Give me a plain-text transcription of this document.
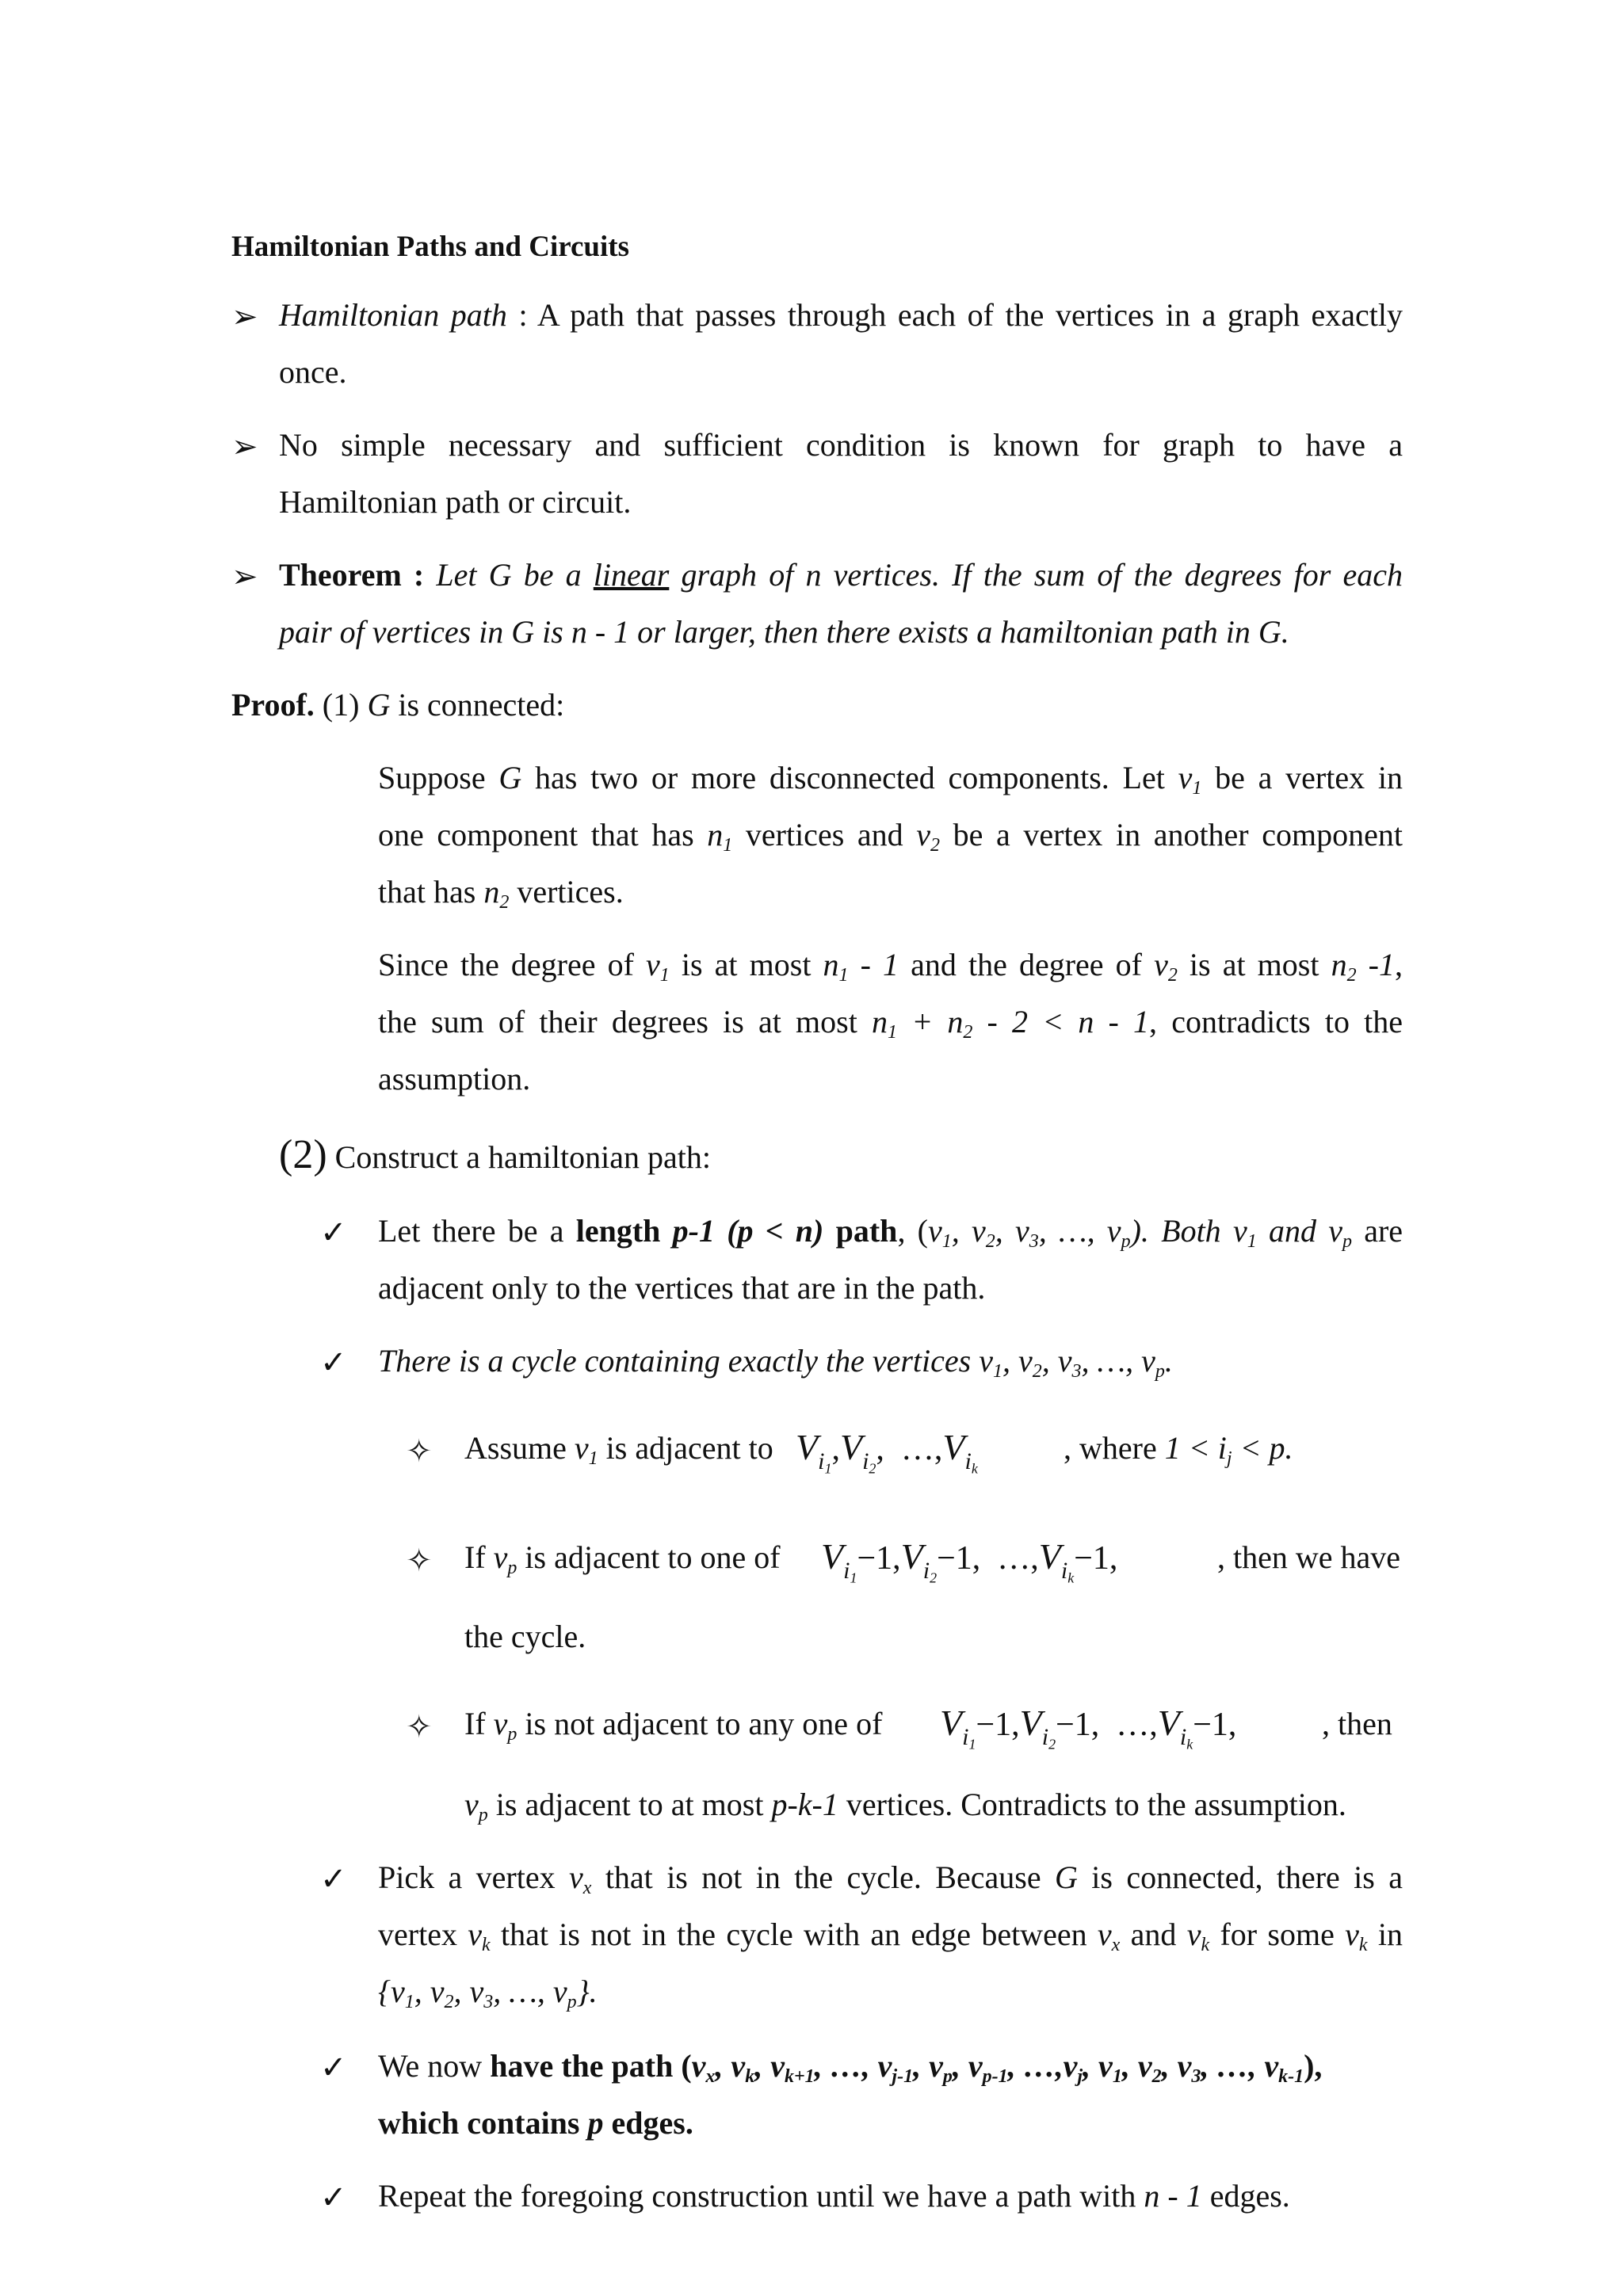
Hamiltonian Paths and Circuits
➢ Hamiltonian path : A path that passes through each of the vertices in a graph exactly
once.
➢ No simple necessary and sufficient condition is known for graph to have a
Hamiltonian path or circuit.
➢ Theorem : Let G be a linear graph of n vertices. If the sum of the degrees for each
pair of vertices in G is n - 1 or larger, then there exists a hamiltonian path in G.
Proof. (1) G is connected:
Suppose G has two or more disconnected components. Let $v_1$ be a vertex in
one component that has $n_1$ vertices and $v_2$ be a vertex in another component
that has $n_2$ vertices.
Since the degree of $v_1$ is at most $n_1 - 1$ and the degree of $v_2$ is at most $n_2$ -1,
the sum of their degrees is at most $n_1 + n_2 - 2 < n - 1$, contradicts to the
assumption.
(2) Construct a hamiltonian path:
✓ Let there be a length p-1 (p < n) path, ($v_1$, $v_2$, $v_3$, …, $v_p$). Both $v_1$ and $v_p$ are
adjacent only to the vertices that are in the path.
✓ There is a cycle containing exactly the vertices $v_1$, $v_2$, $v_3$, …, $v_p$.
✧ Assume $v_1$ is adjacent to $V_{i_1},V_{i_2}$, $\dots,V_{i_k}$
, where $1 < i_j < p$.
✧ If $v_p$ is adjacent to one of $V_{i_1}-1,V_{i_2}-1$, $\dots,V_{i_k}-1$,	, then we have
the cycle.
✧ If $v_p$ is not adjacent to any one of $V_{i_1}-1,V_{i_2}-1$, $\dots,V_{i_k}-1$,	, then
$v_p$ is adjacent to at most p-k-1 vertices. Contradicts to the assumption.
✓ Pick a vertex $v_x$ that is not in the cycle. Because G is connected, there is a
vertex $v_k$ that is not in the cycle with an edge between $v_x$ and $v_k$ for some $v_k$ in
{$v_1$, $v_2$, $v_3$, …, $v_p$}.
✓ We now have the path ($v_x$, $v_k$, $v_{k+1}$, …, $v_{j-1}$, $v_p$, $v_{p-1}$, $\dots,v_j$, $v_1$, $v_2$, $v_3$, …, $v_{k-1}$),
which contains p edges.
✓ Repeat the foregoing construction until we have a path with n - 1 edges.
